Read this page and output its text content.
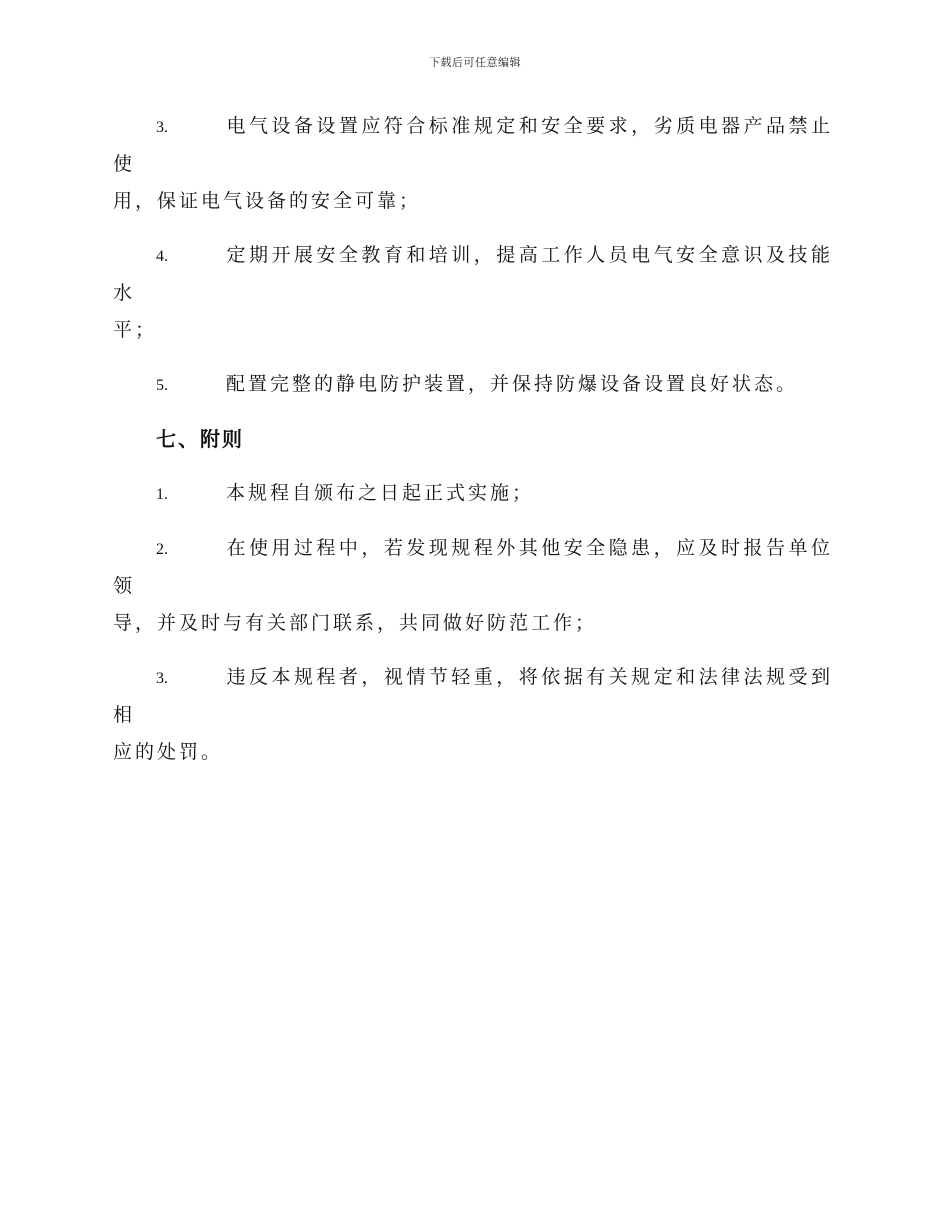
下载后可任意编辑
3.	电气设备设置应符合标准规定和安全要求，劣质电器产品禁止使
用，保证电气设备的安全可靠；
4.	定期开展安全教育和培训，提高工作人员电气安全意识及技能水
平；
5.	配置完整的静电防护装置，并保持防爆设备设置良好状态。
七、附则
1.	本规程自颁布之日起正式实施；
2.	在使用过程中，若发现规程外其他安全隐患，应及时报告单位领
导，并及时与有关部门联系，共同做好防范工作；
3.	违反本规程者，视情节轻重，将依据有关规定和法律法规受到相
应的处罚。
